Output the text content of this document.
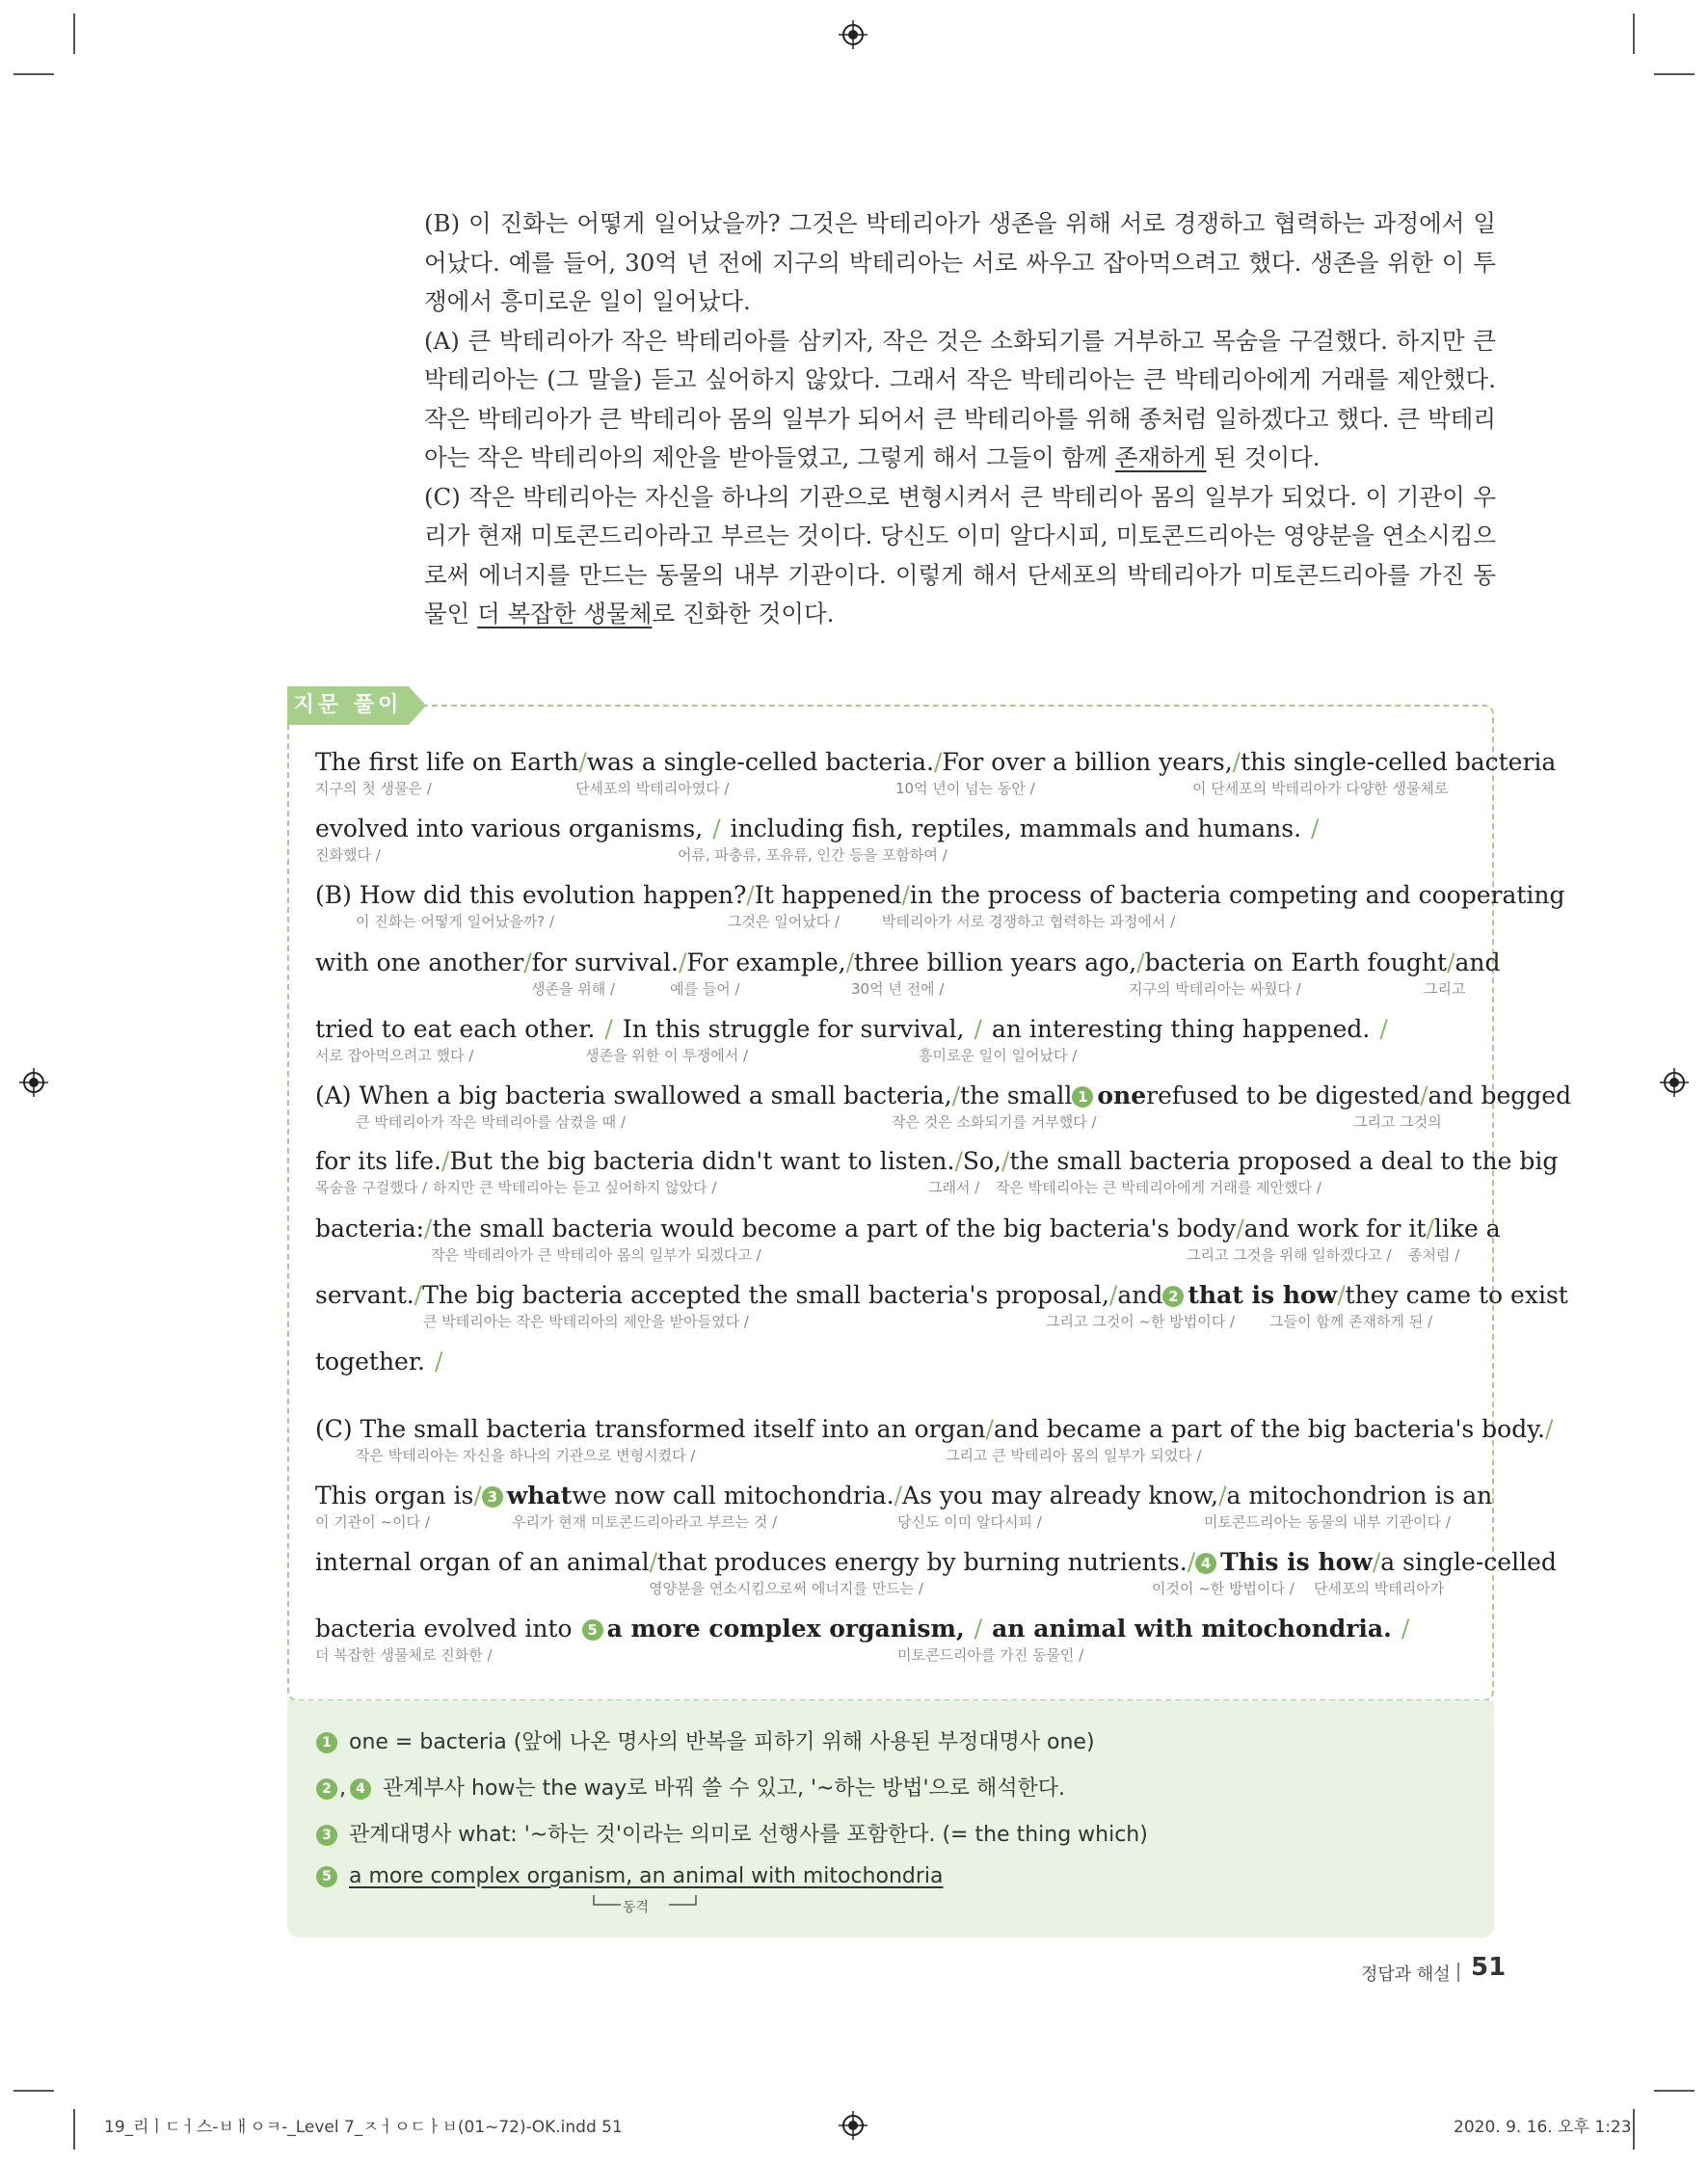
(B) 이 진화는 어떻게 일어났을까? 그것은 박테리아가 생존을 위해 서로 경쟁하고 협력하는 과정에서 일어났다. 예를 들어, 30억 년 전에 지구의 박테리아는 서로 싸우고 잡아먹으려고 했다. 생존을 위한 이 투쟁에서 흥미로운 일이 일어났다.

(A) 큰 박테리아가 작은 박테리아를 삼키자, 작은 것은 소화되기를 거부하고 목숨을 구걸했다. 하지만 큰 박테리아는 (그 말을) 듣고 싶어하지 않았다. 그래서 작은 박테리아는 큰 박테리아에게 거래를 제안했다. 작은 박테리아가 큰 박테리아 몸의 일부가 되어서 큰 박테리아를 위해 종처럼 일하겠다고 했다. 큰 박테리아는 작은 박테리아의 제안을 받아들였고, 그렇게 해서 그들이 함께 존재하게 된 것이다.

(C) 작은 박테리아는 자신을 하나의 기관으로 변형시켜서 큰 박테리아 몸의 일부가 되었다. 이 기관이 우리가 현재 미토콘드리아라고 부르는 것이다. 당신도 이미 알다시피, 미토콘드리아는 영양분을 연소시킴으로써 에너지를 만드는 동물의 내부 기관이다. 이렇게 해서 단세포의 박테리아가 미토콘드리아를 가진 동물인 더 복잡한 생물체로 진화한 것이다.

지문 풀이
The first life on Earth / was a single-celled bacteria. / For over a billion years, / this single-celled bacteria
지구의 첫 생물은 /	단세포의 박테리아였다 /	10억 년이 넘는 동안 /	이 단세포의 박테리아가 다양한 생물체로
evolved into various organisms, / including fish, reptiles, mammals and humans. /
진화했다 /	어류, 파충류, 포유류, 인간 등을 포함하여 /
(B) How did this evolution happen? / It happened / in the process of bacteria competing and cooperating
이 진화는 어떻게 일어났을까? /	그것은 일어났다 /	박테리아가 서로 경쟁하고 협력하는 과정에서 /
with one another / for survival. / For example, / three billion years ago, / bacteria on Earth fought / and
생존을 위해 /	예를 들어 /	30억 년 전에 /	지구의 박테리아는 싸웠다 /	그리고
tried to eat each other. / In this struggle for survival, / an interesting thing happened. /
서로 잡아먹으려고 했다 /	생존을 위한 이 투쟁에서 /	흥미로운 일이 일어났다 /
(A) When a big bacteria swallowed a small bacteria, / the small 1 one refused to be digested / and begged
큰 박테리아가 작은 박테리아를 삼켰을 때 /	작은 것은 소화되기를 거부했다 /	그리고 그것의
for its life. / But the big bacteria didn't want to listen. / So, / the small bacteria proposed a deal to the big
목숨을 구걸했다 / 하지만 큰 박테리아는 듣고 싶어하지 않았다 /	그래서 / 작은 박테리아는 큰 박테리아에게 거래를 제안했다 /
bacteria: / the small bacteria would become a part of the big bacteria's body / and work for it / like a
작은 박테리아가 큰 박테리아 몸의 일부가 되겠다고 /	그리고 그것을 위해 일하겠다고 / 종처럼 /
servant. / The big bacteria accepted the small bacteria's proposal, / and 2 that is how / they came to exist
큰 박테리아는 작은 박테리아의 제안을 받아들였다 /	그리고 그것이 ~한 방법이다 / 그들이 함께 존재하게 된 /
together. /
(C) The small bacteria transformed itself into an organ / and became a part of the big bacteria's body. /
작은 박테리아는 자신을 하나의 기관으로 변형시켰다 /	그리고 큰 박테리아 몸의 일부가 되었다 /
This organ is / 3 what we now call mitochondria. / As you may already know, / a mitochondrion is an
이 기관이 ~이다 /	우리가 현재 미토콘드리아라고 부르는 것 /	당신도 이미 알다시피 /	미토콘드리아는 동물의 내부 기관이다 /
internal organ of an animal / that produces energy by burning nutrients. / 4 This is how / a single-celled
영양분을 연소시킴으로써 에너지를 만드는 /	이것이 ~한 방법이다 / 단세포의 박테리아가
bacteria evolved into	5 a more complex organism, / an animal with mitochondria. /
더 복잡한 생물체로 진화한 /	미토콘드리아를 가진 동물인 /
1 one = bacteria (앞에 나온 명사의 반복을 피하기 위해 사용된 부정대명사 one)
2 , 4 관계부사 how는 the way로 바꿔 쓸 수 있고, '~하는 방법'으로 해석한다.
3 관계대명사 what: '~하는 것'이라는 의미로 선행사를 포함한다. (= the thing which)
5 a more complex organism, an animal with mitochondria
동격
정답과 해설 51
19_리ㅣㄷㅓ스-ㅂㅐㅇㅋ-_Level 7_ㅈㅓㅇㄷㅏㅂ(01~72)-OK.indd 51	2020. 9. 16. 오후 1:23
